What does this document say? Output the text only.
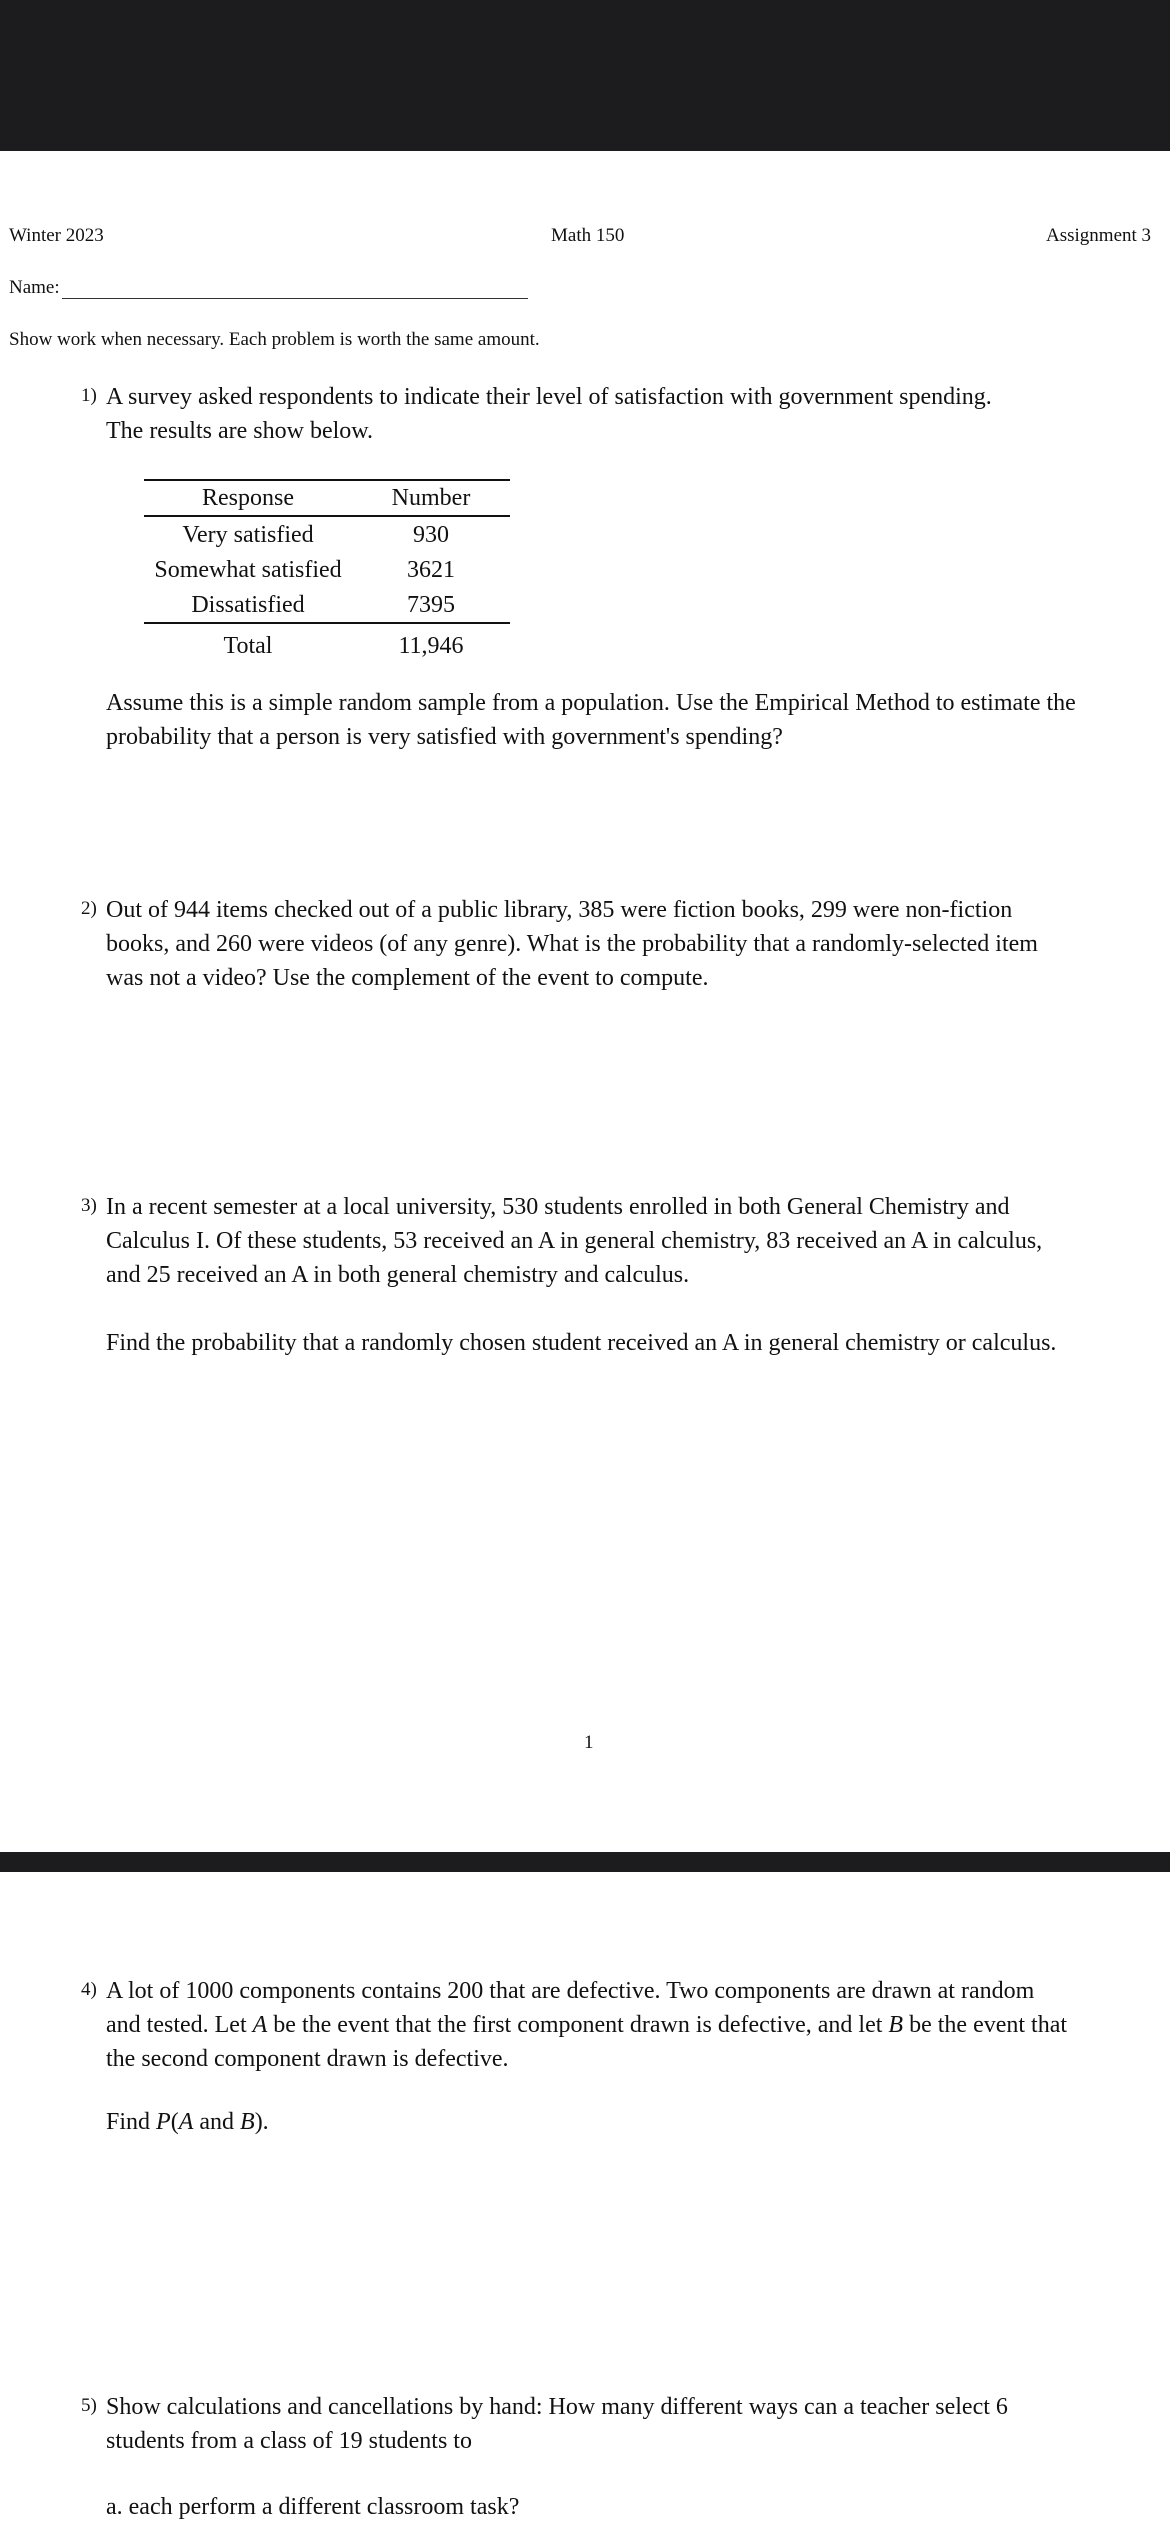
Winter 2023	Math 150	Assignment 3
Name:
Show work when necessary. Each problem is worth the same amount.
1) A survey asked respondents to indicate their level of satisfaction with government spending.
The results are show below.
Response	Number
Very satisfied	930
Somewhat satisfied	3621
Dissatisfied	7395
Total	11,946
Assume this is a simple random sample from a population. Use the Empirical Method to estimate the
probability that a person is very satisfied with government's spending?
2) Out of 944 items checked out of a public library, 385 were fiction books, 299 were non-fiction
books, and 260 were videos (of any genre). What is the probability that a randomly-selected item
was not a video? Use the complement of the event to compute.
3) In a recent semester at a local university, 530 students enrolled in both General Chemistry and
Calculus I. Of these students, 53 received an A in general chemistry, 83 received an A in calculus,
and 25 received an A in both general chemistry and calculus.
Find the probability that a randomly chosen student received an A in general chemistry or calculus.
1
4) A lot of 1000 components contains 200 that are defective. Two components are drawn at random
and tested. Let A be the event that the first component drawn is defective, and let B be the event that
the second component drawn is defective.
Find P(A and B).
5) Show calculations and cancellations by hand: How many different ways can a teacher select 6
students from a class of 19 students to
a. each perform a different classroom task?
